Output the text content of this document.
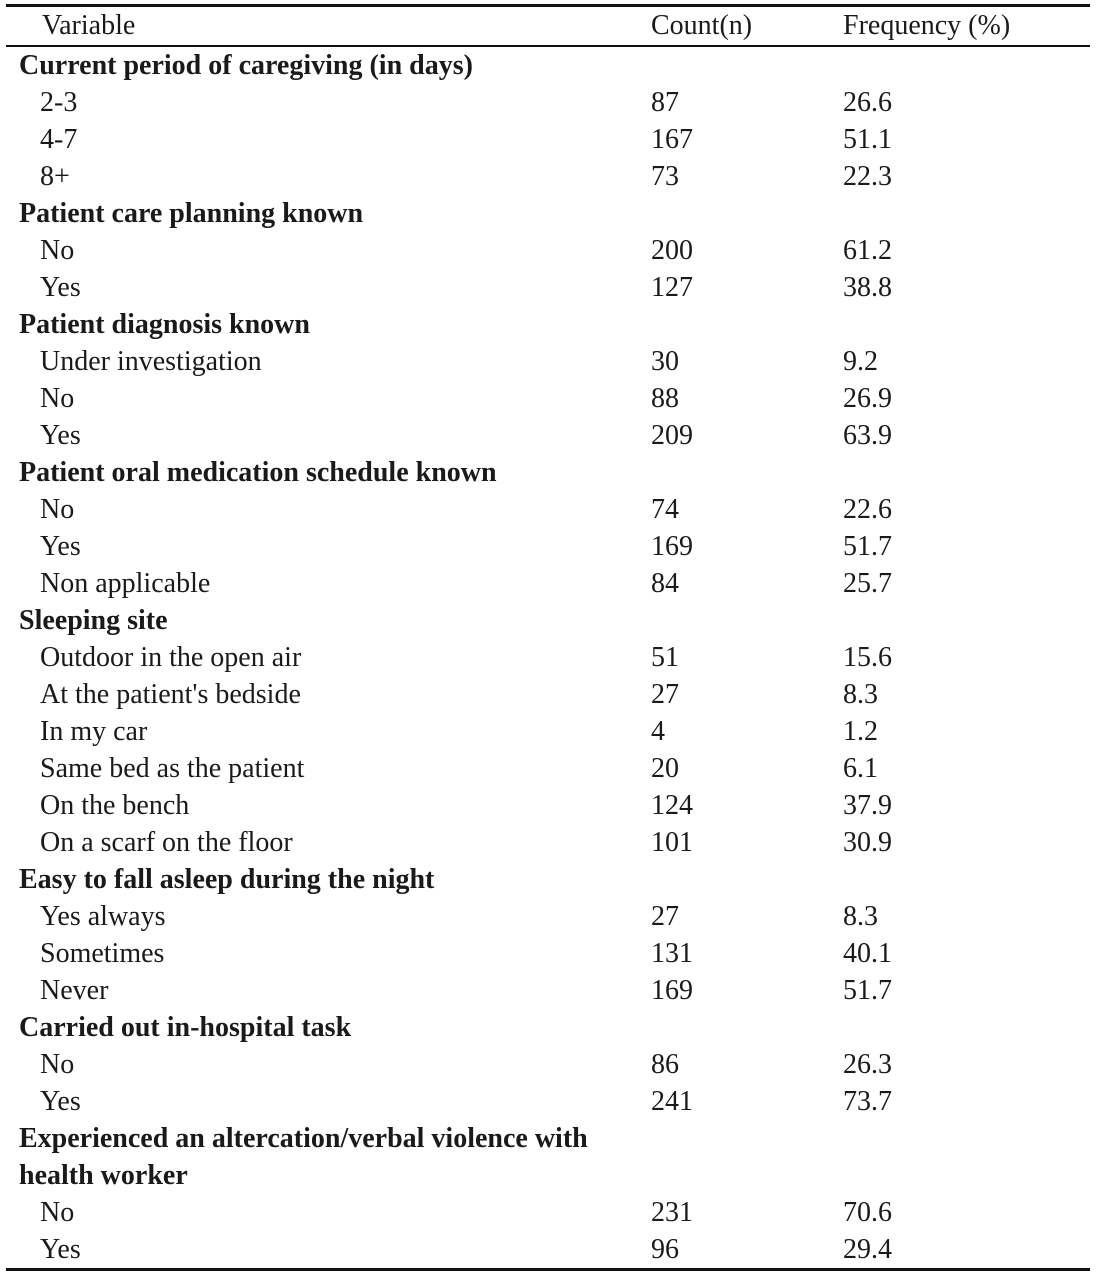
Variable	Count(n)	Frequency (%)
Current period of caregiving (in days)		
2-3	87	26.6
4-7	167	51.1
8+	73	22.3
Patient care planning known		
No	200	61.2
Yes	127	38.8
Patient diagnosis known		
Under investigation	30	9.2
No	88	26.9
Yes	209	63.9
Patient oral medication schedule known		
No	74	22.6
Yes	169	51.7
Non applicable	84	25.7
Sleeping site		
Outdoor in the open air	51	15.6
At the patient's bedside	27	8.3
In my car	4	1.2
Same bed as the patient	20	6.1
On the bench	124	37.9
On a scarf on the floor	101	30.9
Easy to fall asleep during the night		
Yes always	27	8.3
Sometimes	131	40.1
Never	169	51.7
Carried out in-hospital task		
No	86	26.3
Yes	241	73.7
Experienced an altercation/verbal violence with health worker		
No	231	70.6
Yes	96	29.4
